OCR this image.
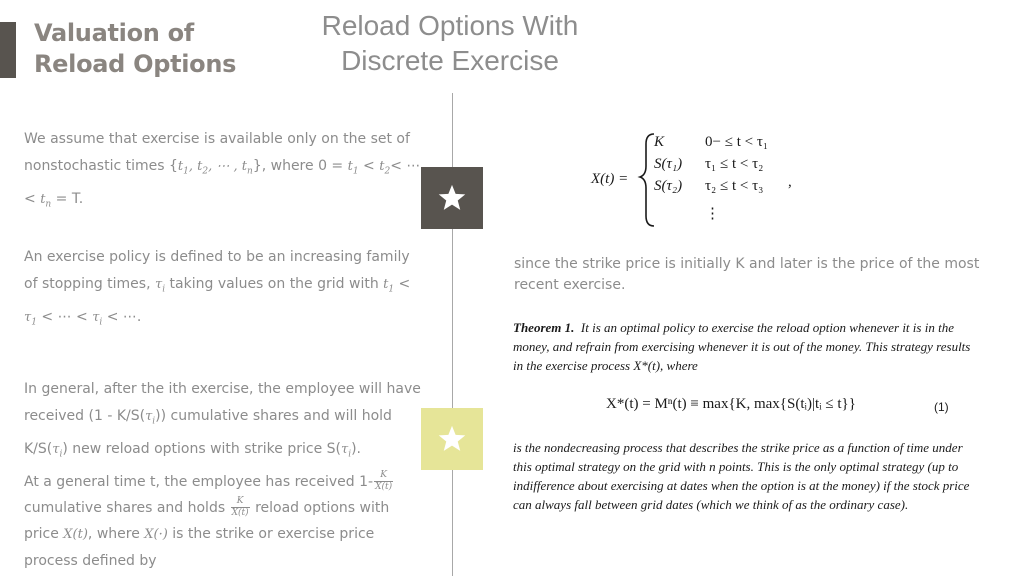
Valuation of
Reload Options
Reload Options With
Discrete Exercise

We assume that exercise is available only on the set of nonstochastic times {$t_1$, $t_2$, ⋯ , $t_n$}, where $0 = t_1 < t_2<$ ⋯ < $t_n = T$.

An exercise policy is defined to be an increasing family of stopping times, $\tau_i$ taking values on the grid with $t_1 < \tau_1$ < ⋯ < $\tau_i$ < ⋯.

In general, after the ith exercise, the employee will have received $(1 - K/S(\tau_i))$ cumulative shares and will hold $K/S(\tau_i)$ new reload options with strike price $S(\tau_i)$.

At a general time t, the employee has received $1- \frac{K}{X(t)}$

cumulative shares and holds $\frac{K}{X(t)}$ reload options with price X(t), where X(·) is the strike or exercise price process defined by

X(t) =
K	0− ≤ t < τ₁
S(τ₁) τ₁ ≤ t < τ₂
S(τ₂) τ₂ ≤ t < τ₃
⋮
,
since the strike price is initially K and later is the price of the most recent exercise.
Theorem 1. It is an optimal policy to exercise the reload option whenever it is in the money, and refrain from exercising whenever it is out of the money. This strategy results in the exercise process X*(t), where
X*(t) = Mⁿ(t) ≡ max{K, max{S(tᵢ)|tᵢ ≤ t}}	(1)
is the nondecreasing process that describes the strike price as a function of time under this optimal strategy on the grid with n points. This is the only optimal strategy (up to indifference about exercising at dates when the option is at the money) if the stock price can always fall between grid dates (which we think of as the ordinary case).
